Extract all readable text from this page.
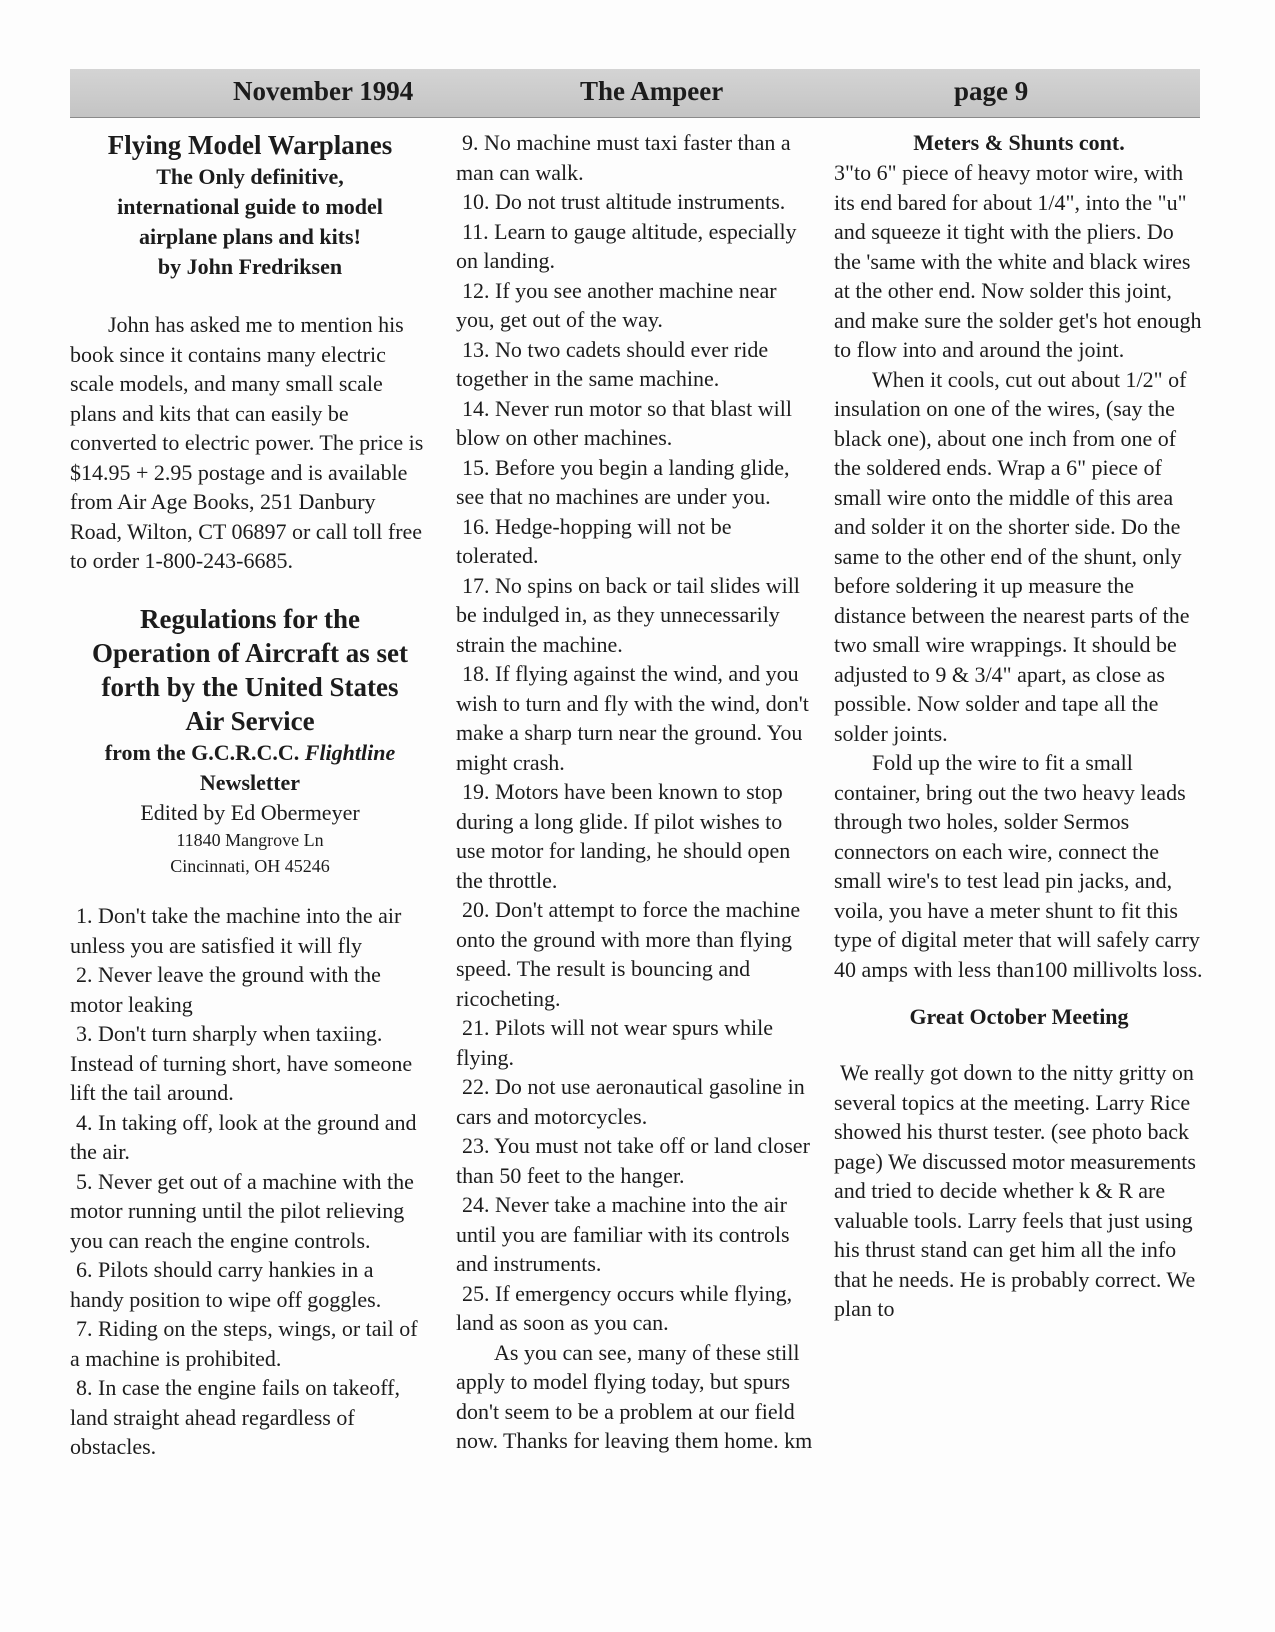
November 1994	The Ampeer	page 9
Flying Model Warplanes
The Only definitive,
international guide to model
airplane plans and kits!
by John Fredriksen

John has asked me to mention his book since it contains many electric scale models, and many small scale plans and kits that can easily be converted to electric power. The price is $14.95 + 2.95 postage and is available from Air Age Books, 251 Danbury Road, Wilton, CT 06897 or call toll free to order 1-800-243-6685.

Regulations for the
Operation of Aircraft as set
forth by the United States
Air Service
from the G.C.R.C.C. Flightline
Newsletter
Edited by Ed Obermeyer
11840 Mangrove Ln
Cincinnati, OH 45246

1. Don't take the machine into the air unless you are satisfied it will fly

2. Never leave the ground with the motor leaking

3. Don't turn sharply when taxiing. Instead of turning short, have someone lift the tail around.

4. In taking off, look at the ground and the air.

5. Never get out of a machine with the motor running until the pilot relieving you can reach the engine controls.

6. Pilots should carry hankies in a handy position to wipe off goggles.

7. Riding on the steps, wings, or tail of a machine is prohibited.

8. In case the engine fails on takeoff, land straight ahead regardless of obstacles.

9. No machine must taxi faster than a man can walk.

10. Do not trust altitude instruments.

11. Learn to gauge altitude, especially on landing.

12. If you see another machine near you, get out of the way.

13. No two cadets should ever ride together in the same machine.

14. Never run motor so that blast will blow on other machines.

15. Before you begin a landing glide, see that no machines are under you.

16. Hedge-hopping will not be tolerated.

17. No spins on back or tail slides will be indulged in, as they unnecessarily strain the machine.

18. If flying against the wind, and you wish to turn and fly with the wind, don't make a sharp turn near the ground. You might crash.

19. Motors have been known to stop during a long glide. If pilot wishes to use motor for landing, he should open the throttle.

20. Don't attempt to force the machine onto the ground with more than flying speed. The result is bouncing and ricocheting.

21. Pilots will not wear spurs while flying.

22. Do not use aeronautical gasoline in cars and motorcycles.

23. You must not take off or land closer than 50 feet to the hanger.

24. Never take a machine into the air until you are familiar with its controls and instruments.

25. If emergency occurs while flying, land as soon as you can.

As you can see, many of these still apply to model flying today, but spurs don't seem to be a problem at our field now. Thanks for leaving them home. km

Meters & Shunts cont.

3"to 6" piece of heavy motor wire, with its end bared for about 1/4", into the "u" and squeeze it tight with the pliers. Do the 'same with the white and black wires at the other end. Now solder this joint, and make sure the solder get's hot enough to flow into and around the joint.

When it cools, cut out about 1/2" of insulation on one of the wires, (say the black one), about one inch from one of the soldered ends. Wrap a 6" piece of small wire onto the middle of this area and solder it on the shorter side. Do the same to the other end of the shunt, only before soldering it up measure the distance between the nearest parts of the two small wire wrappings. It should be adjusted to 9 & 3/4" apart, as close as possible. Now solder and tape all the solder joints.

Fold up the wire to fit a small container, bring out the two heavy leads through two holes, solder Sermos connectors on each wire, connect the small wire's to test lead pin jacks, and, voila, you have a meter shunt to fit this type of digital meter that will safely carry 40 amps with less than100 millivolts loss.

Great October Meeting

We really got down to the nitty gritty on several topics at the meeting. Larry Rice showed his thurst tester. (see photo back page) We discussed motor measurements and tried to decide whether k & R are valuable tools. Larry feels that just using his thrust stand can get him all the info that he needs. He is probably correct. We plan to
